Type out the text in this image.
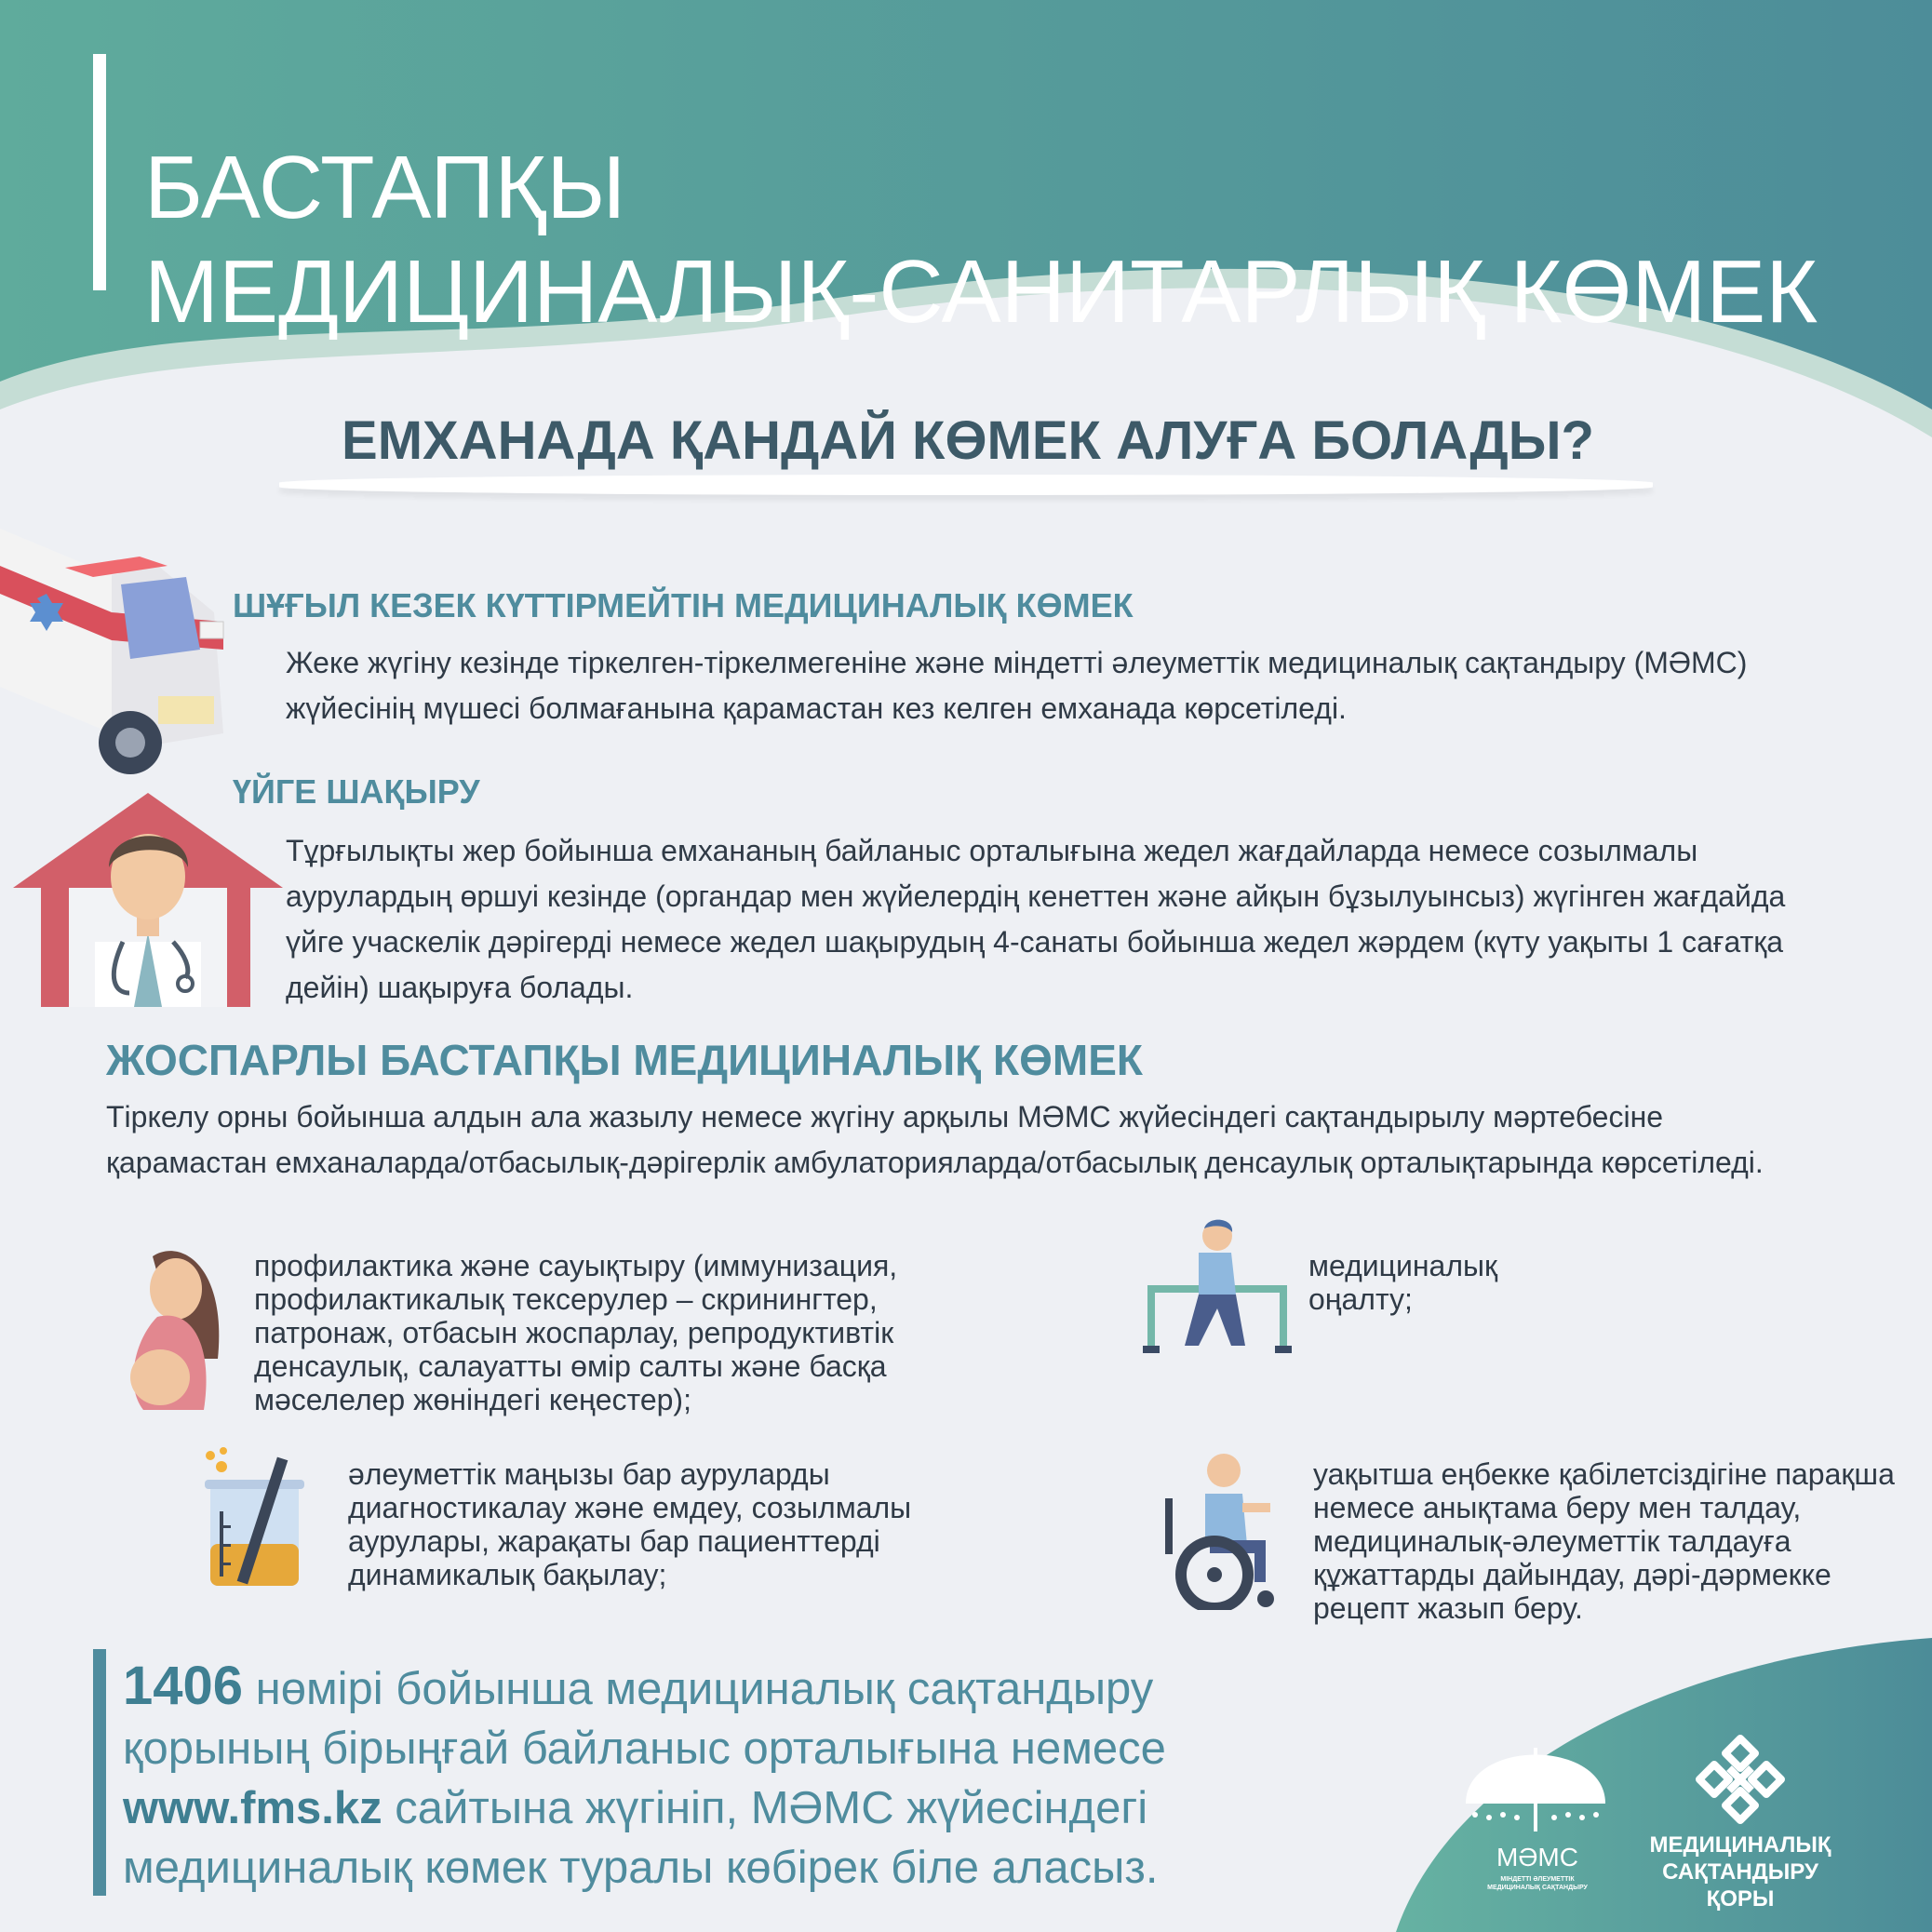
БАСТАПҚЫ
МЕДИЦИНАЛЫҚ-САНИТАРЛЫҚ КӨМЕК
ЕМХАНАДА ҚАНДАЙ КӨМЕК АЛУҒА БОЛАДЫ?
ШҰҒЫЛ КЕЗЕК КҮТТІРМЕЙТІН МЕДИЦИНАЛЫҚ КӨМЕК
Жеке жүгіну кезінде тіркелген-тіркелмегеніне және міндетті әлеуметтік медициналық сақтандыру (МӘМС) жүйесінің мүшесі болмағанына қарамастан кез келген емханада көрсетіледі.
ҮЙГЕ ШАҚЫРУ
Тұрғылықты жер бойынша емхананың байланыс орталығына жедел жағдайларда немесе созылмалы аурулардың өршуі кезінде (органдар мен жүйелердің кенеттен және айқын бұзылуынсыз) жүгінген жағдайда үйге учаскелік дәрігерді немесе жедел шақырудың 4-санаты бойынша жедел жәрдем (күту уақыты 1 сағатқа дейін) шақыруға болады.
ЖОСПАРЛЫ БАСТАПҚЫ МЕДИЦИНАЛЫҚ КӨМЕК
Тіркелу орны бойынша алдын ала жазылу немесе жүгіну арқылы МӘМС жүйесіндегі сақтандырылу мәртебесіне қарамастан емханаларда/отбасылық-дәрігерлік амбулаторияларда/отбасылық денсаулық орталықтарында көрсетіледі.
профилактика және сауықтыру (иммунизация, профилактикалық тексерулер – скринингтер, патронаж, отбасын жоспарлау, репродуктивтік денсаулық, салауатты өмір салты және басқа мәселелер жөніндегі кеңестер);
медициналық оңалту;
әлеуметтік маңызы бар ауруларды диагностикалау және емдеу, созылмалы аурулары, жарақаты бар пациенттерді динамикалық бақылау;
уақытша еңбекке қабілетсіздігіне парақша немесе анықтама беру мен талдау, медициналық-әлеуметтік талдауға құжаттарды дайындау, дәрі-дәрмекке рецепт жазып беру.
1406 нөмірі бойынша медициналық сақтандыру қорының бірыңғай байланыс орталығына немесе www.fms.kz сайтына жүгініп, МӘМС жүйесіндегі медициналық көмек туралы көбірек біле аласыз.	МӘМС
МІНДЕТТІ ӘЛЕУМЕТТІК МЕДИЦИНАЛЫҚ САҚТАНДЫРУ
МЕДИЦИНАЛЫҚ
САҚТАНДЫРУ
ҚОРЫ
